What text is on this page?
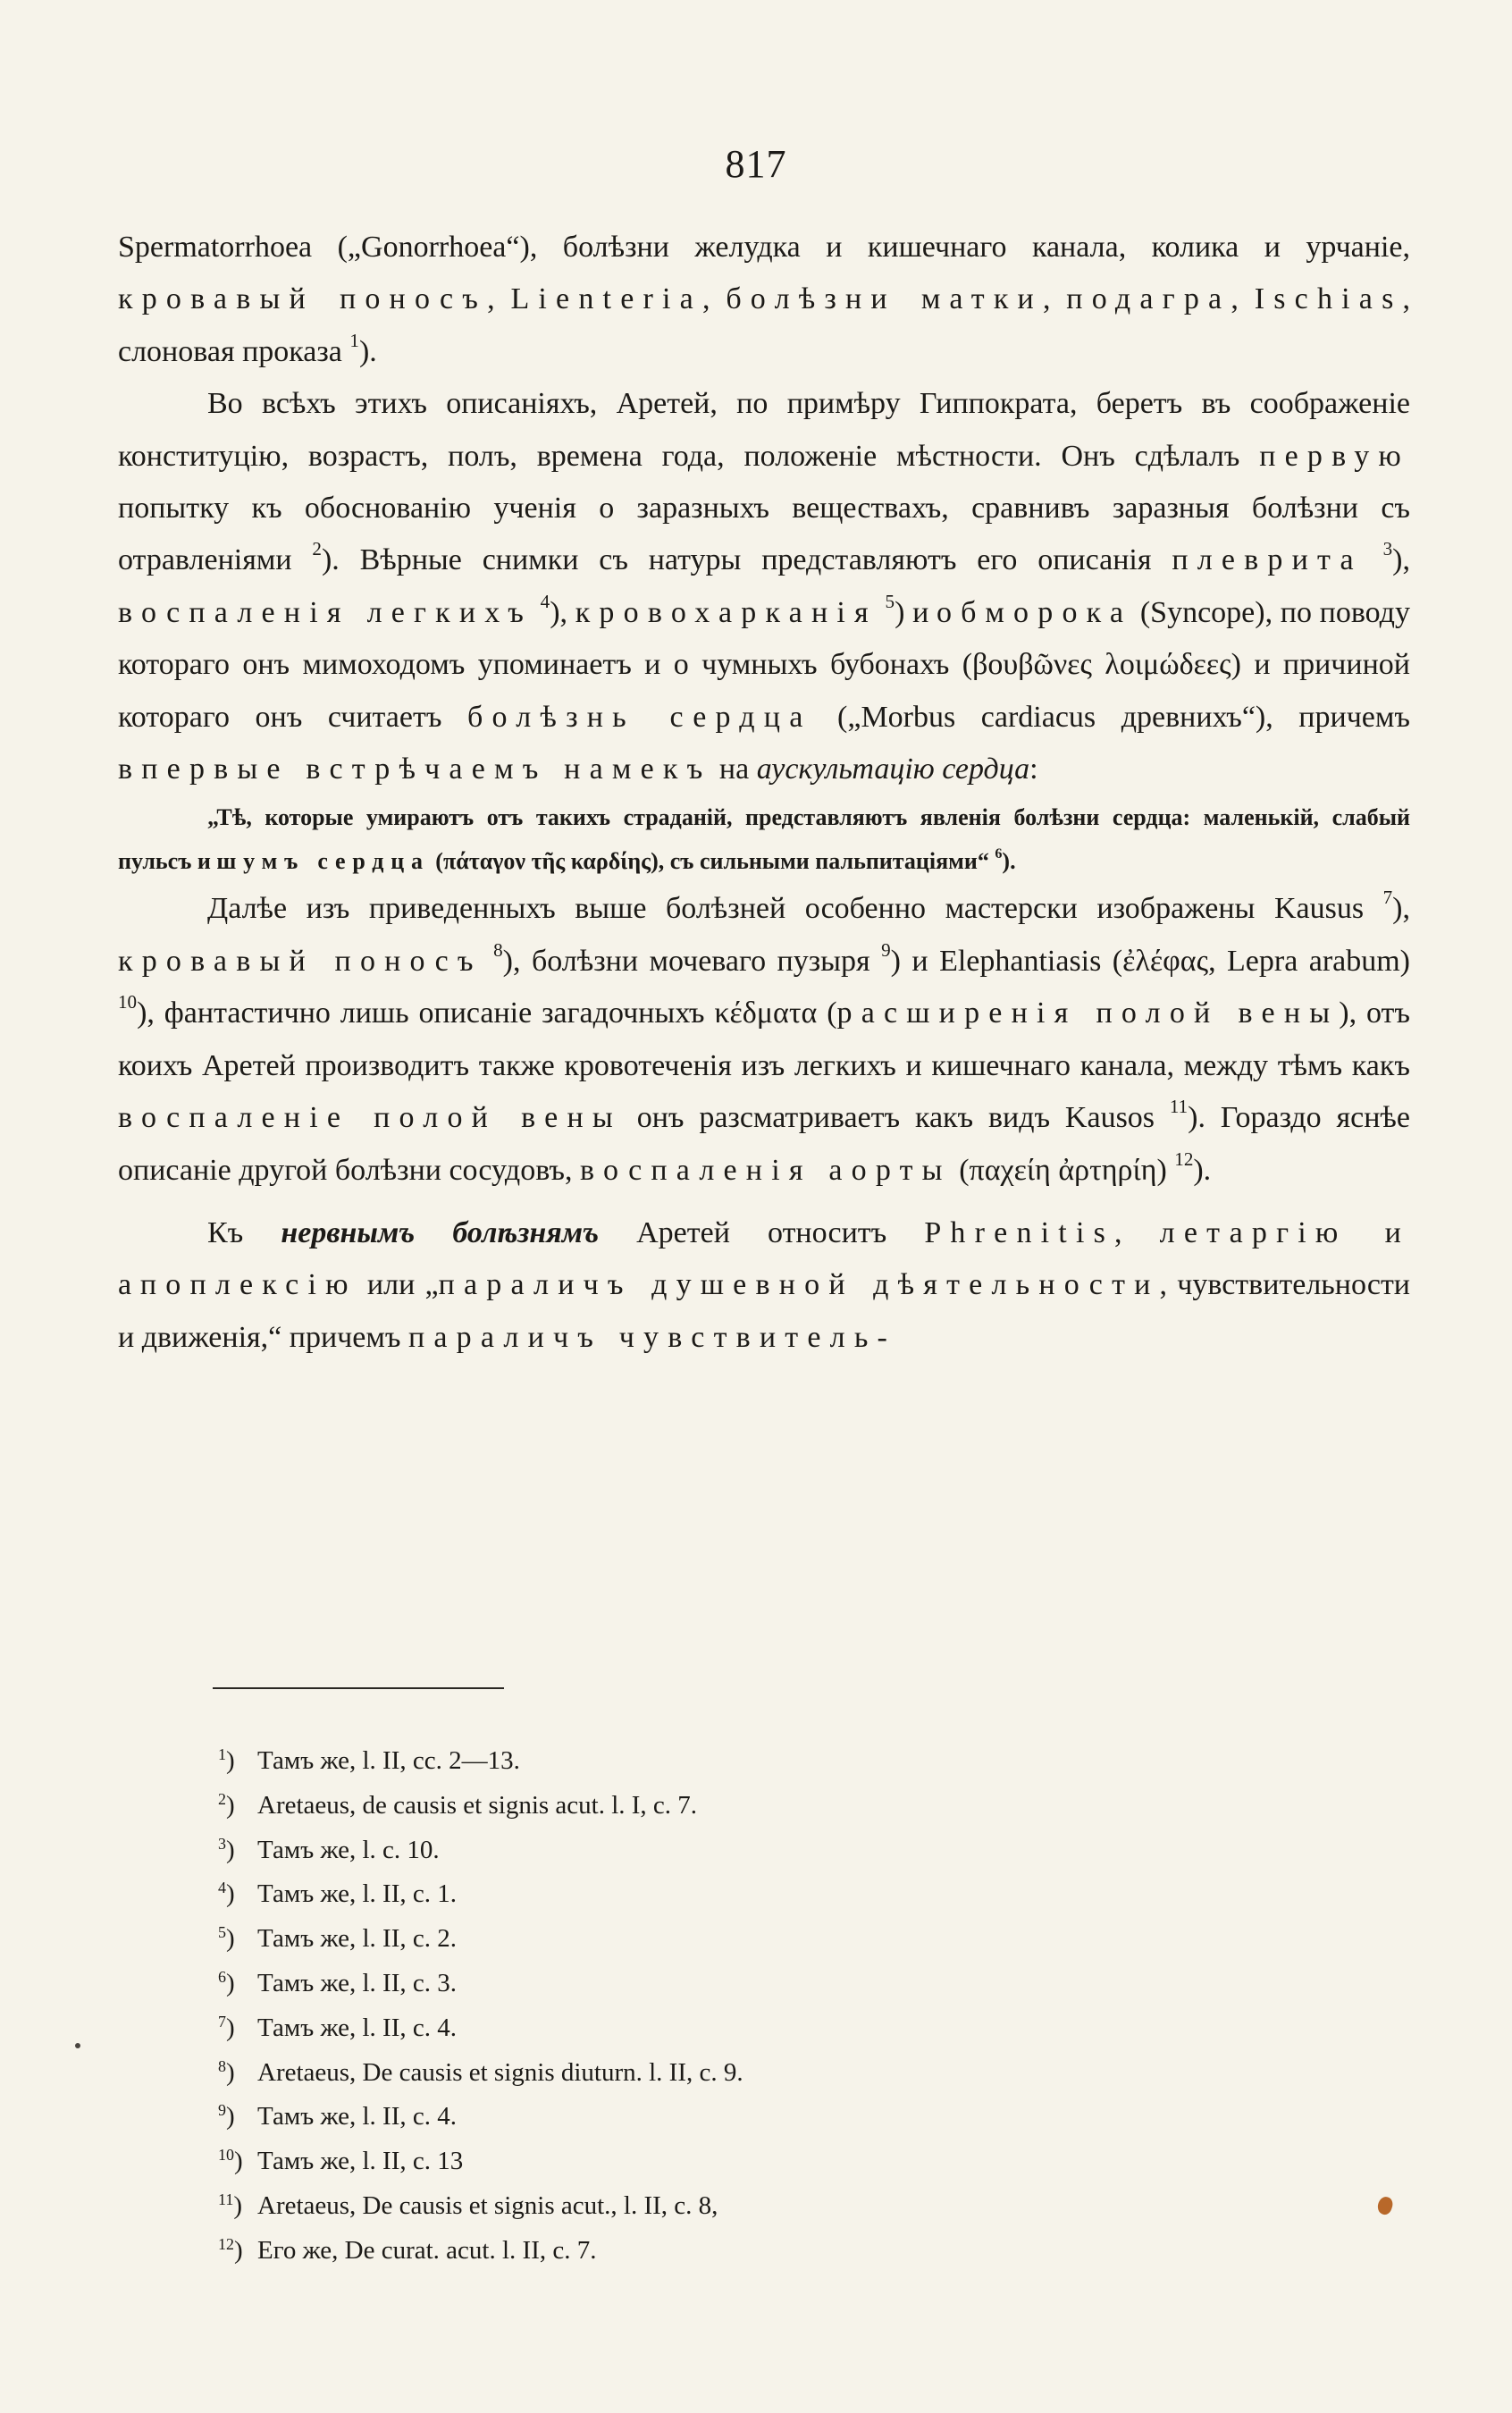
817

Spermatorrhoea („Gonorrhoea“), болѣзни желудка и кишечнаго канала, колика и урчаніе, кровавый поносъ, Lienteria, болѣзни матки, подагра, Ischias, слоновая проказа $^1$).

Во всѣхъ этихъ описаніяхъ, Аретей, по примѣру Гиппократа, беретъ въ соображеніе конституцію, возрастъ, полъ, времена года, положеніе мѣстности. Онъ сдѣлалъ первую попытку къ обоснованію ученія о заразныхъ веществахъ, сравнивъ заразныя болѣзни съ отравленіями $^2$). Вѣрные снимки съ натуры представляютъ его описанія плеврита $^3$), воспаленія легкихъ $^4$), кровохарканія $^5$) и обморока (Syncope), по поводу котораго онъ мимоходомъ упоминаетъ и о чумныхъ бубонахъ (βουβῶνες λοιμώδεες) и причиной котораго онъ считаетъ болѣзнь сердца („Morbus cardiacus древнихъ“), причемъ впервые встрѣчаемъ намекъ на аускультацію сердца:

„Тѣ, которые умираютъ отъ такихъ страданій, представляютъ явленія болѣзни сердца: маленькій, слабый пульсъ и шумъ сердца (πάταγον τῆς καρδίης), съ сильными пальпитаціями“ $^6$).

Далѣе изъ приведенныхъ выше болѣзней особенно мастерски изображены Kausus $^7$), кровавый поносъ $^8$), болѣзни мочеваго пузыря $^9$) и Elephantiasis (ἐλέφας, Lepra arabum) $^{10}$), фантастично лишь описаніе загадочныхъ κέδματα (расширенія полой вены), отъ коихъ Аретей производитъ также кровотеченія изъ легкихъ и кишечнаго канала, между тѣмъ какъ воспаленіе полой вены онъ разсматриваетъ какъ видъ Kausos $^{11}$). Гораздо яснѣе описаніе другой болѣзни сосудовъ, воспаленія аорты (παχείη ἀρτηρίη) $^{12}$).

Къ нервнымъ болѣзнямъ Аретей относитъ Phrenitis, летаргію и апоплексію или „параличъ душевной дѣятельности, чувствительности и движенія,“ причемъ параличъ чувствитель-

$^1$) Тамъ же, l. II, cc. 2—13.
$^2$) Aretaeus, de causis et signis acut. l. I, c. 7.
$^3$) Тамъ же, l. c. 10.
$^4$) Тамъ же, l. II, c. 1.
$^5$) Тамъ же, l. II, c. 2.
$^6$) Тамъ же, l. II, c. 3.
$^7$) Тамъ же, l. II, c. 4.
$^8$) Aretaeus, De causis et signis diuturn. l. II, c. 9.
$^9$) Тамъ же, l. II, c. 4.
$^{10}$) Тамъ же, l. II, c. 13
$^{11}$) Aretaeus, De causis et signis acut., l. II, c. 8,
$^{12}$) Его же, De curat. acut. l. II, c. 7.
